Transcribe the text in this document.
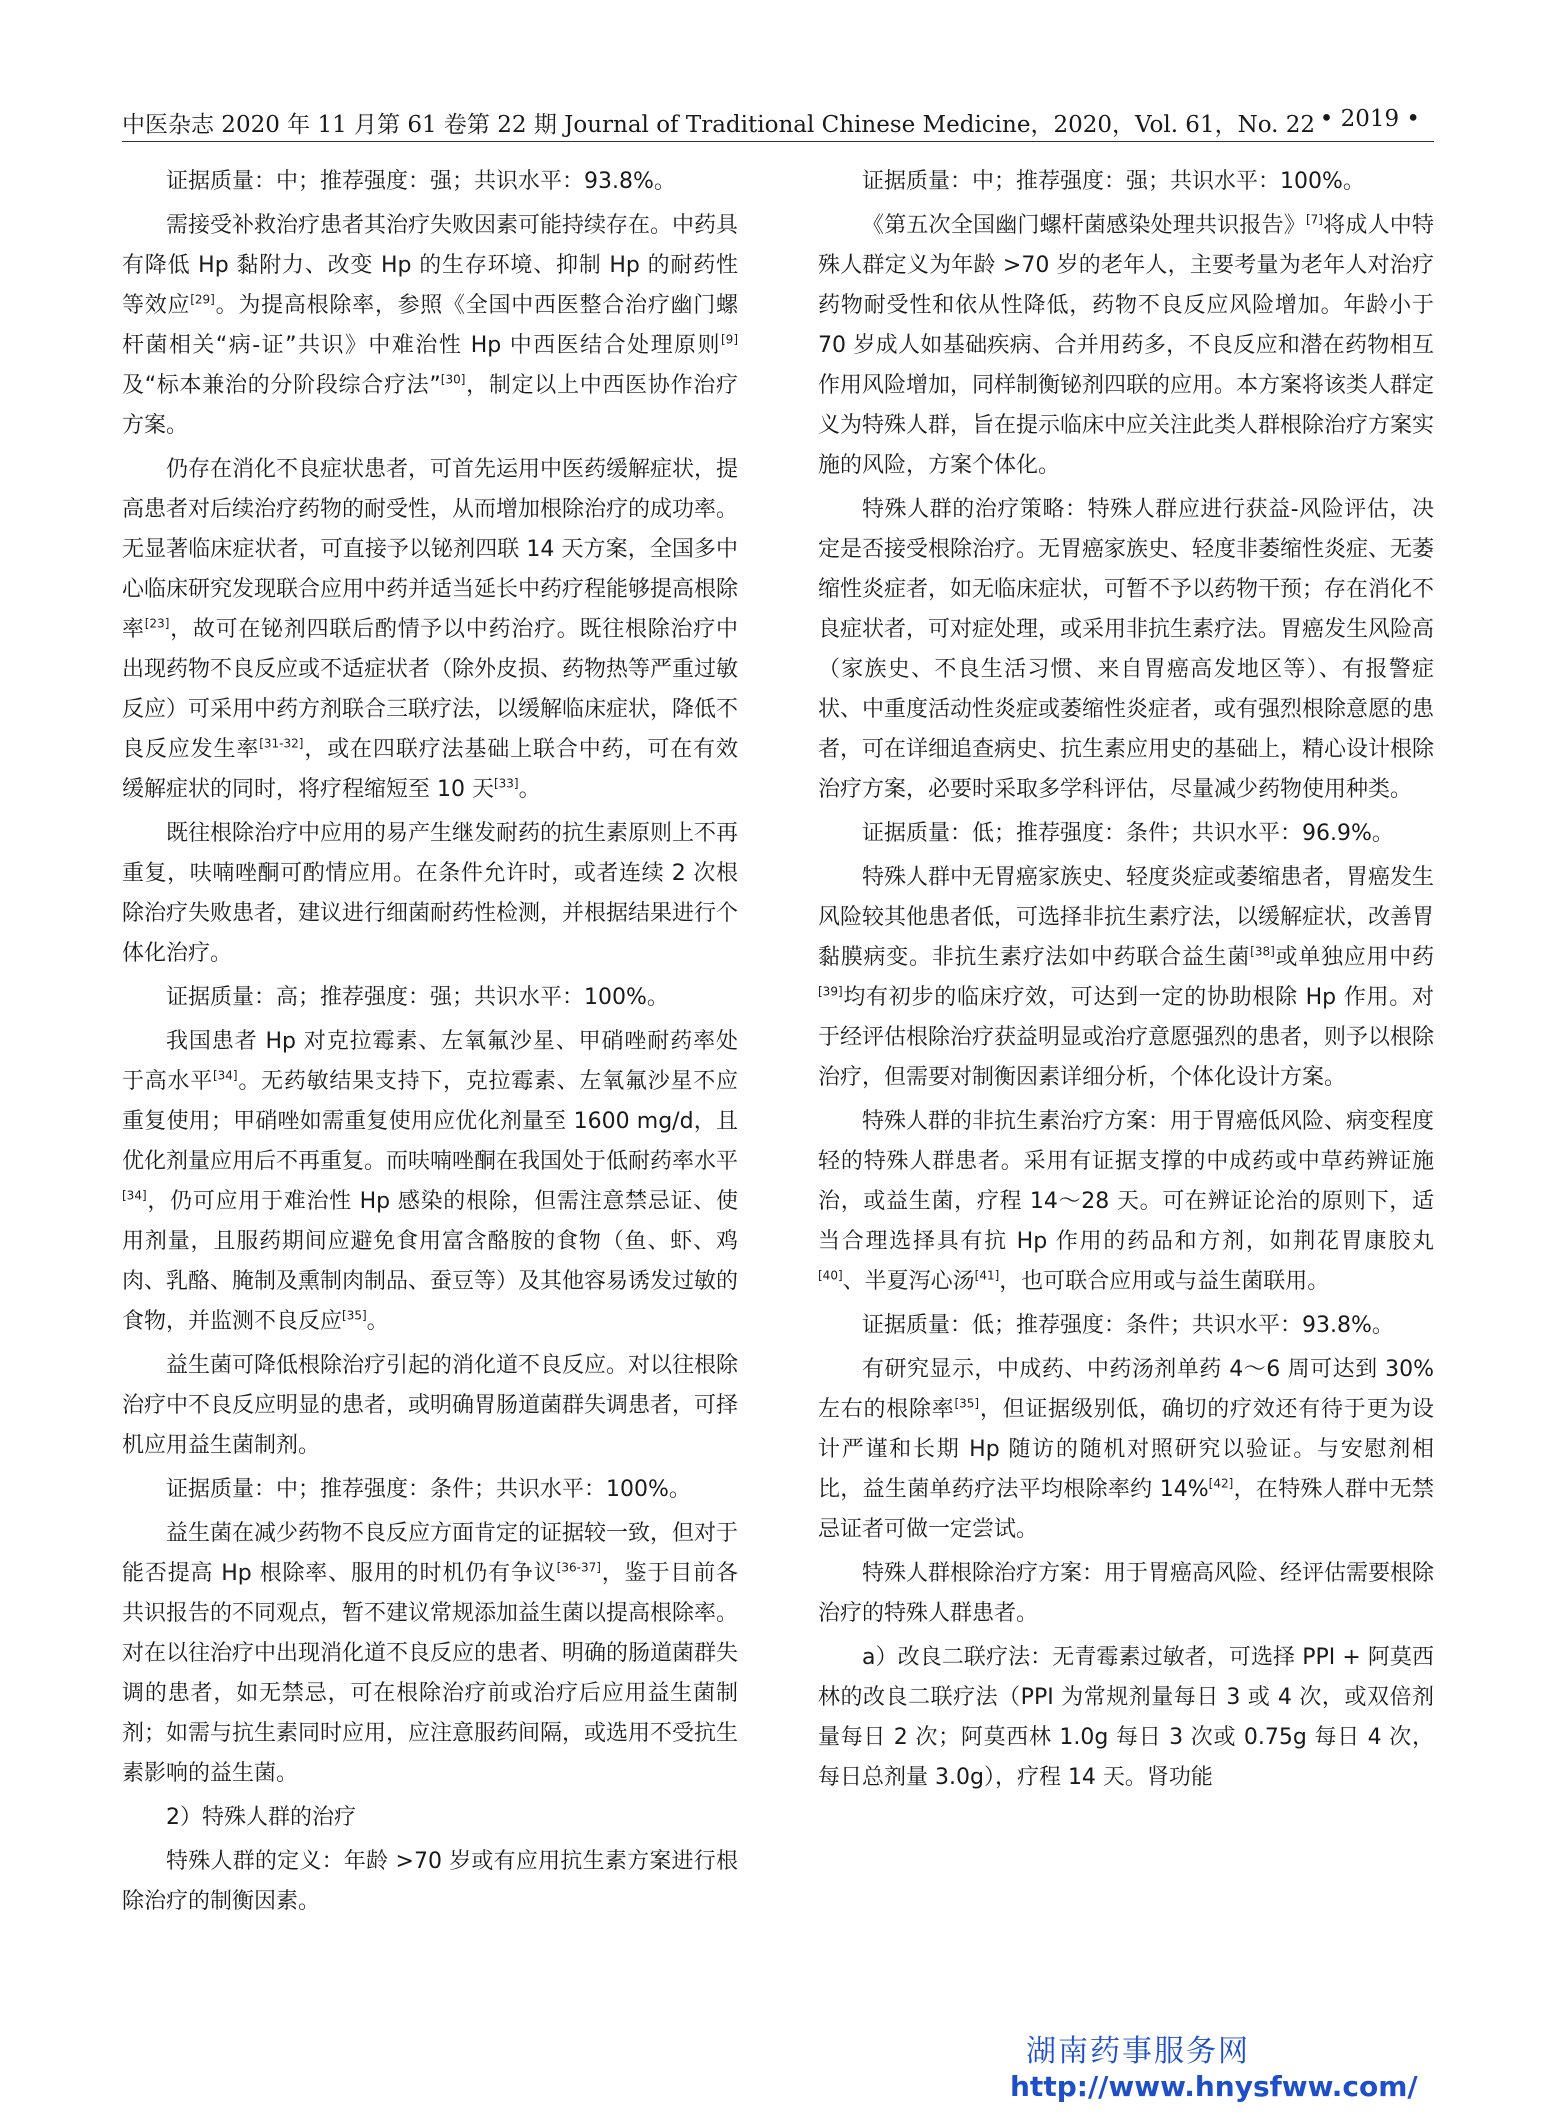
中医杂志 2020 年 11 月第 61 卷第 22 期 Journal of Traditional Chinese Medicine，2020，Vol. 61，No. 22 • 2019 •

证据质量：中；推荐强度：强；共识水平：93.8%。

需接受补救治疗患者其治疗失败因素可能持续存在。中药具有降低 Hp 黏附力、改变 Hp 的生存环境、抑制 Hp 的耐药性等效应[29]。为提高根除率，参照《全国中西医整合治疗幽门螺杆菌相关“病-证”共识》中难治性 Hp 中西医结合处理原则[9]及“标本兼治的分阶段综合疗法”[30]，制定以上中西医协作治疗方案。

仍存在消化不良症状患者，可首先运用中医药缓解症状，提高患者对后续治疗药物的耐受性，从而增加根除治疗的成功率。无显著临床症状者，可直接予以铋剂四联 14 天方案，全国多中心临床研究发现联合应用中药并适当延长中药疗程能够提高根除率[23]，故可在铋剂四联后酌情予以中药治疗。既往根除治疗中出现药物不良反应或不适症状者（除外皮损、药物热等严重过敏反应）可采用中药方剂联合三联疗法，以缓解临床症状，降低不良反应发生率[31-32]，或在四联疗法基础上联合中药，可在有效缓解症状的同时，将疗程缩短至 10 天[33]。

既往根除治疗中应用的易产生继发耐药的抗生素原则上不再重复，呋喃唑酮可酌情应用。在条件允许时，或者连续 2 次根除治疗失败患者，建议进行细菌耐药性检测，并根据结果进行个体化治疗。

证据质量：高；推荐强度：强；共识水平：100%。

我国患者 Hp 对克拉霉素、左氧氟沙星、甲硝唑耐药率处于高水平[34]。无药敏结果支持下，克拉霉素、左氧氟沙星不应重复使用；甲硝唑如需重复使用应优化剂量至 1600 mg/d，且优化剂量应用后不再重复。而呋喃唑酮在我国处于低耐药率水平[34]，仍可应用于难治性 Hp 感染的根除，但需注意禁忌证、使用剂量，且服药期间应避免食用富含酪胺的食物（鱼、虾、鸡肉、乳酪、腌制及熏制肉制品、蚕豆等）及其他容易诱发过敏的食物，并监测不良反应[35]。

益生菌可降低根除治疗引起的消化道不良反应。对以往根除治疗中不良反应明显的患者，或明确胃肠道菌群失调患者，可择机应用益生菌制剂。

证据质量：中；推荐强度：条件；共识水平：100%。

益生菌在减少药物不良反应方面肯定的证据较一致，但对于能否提高 Hp 根除率、服用的时机仍有争议[36-37]，鉴于目前各共识报告的不同观点，暂不建议常规添加益生菌以提高根除率。对在以往治疗中出现消化道不良反应的患者、明确的肠道菌群失调的患者，如无禁忌，可在根除治疗前或治疗后应用益生菌制剂；如需与抗生素同时应用，应注意服药间隔，或选用不受抗生素影响的益生菌。

2）特殊人群的治疗

特殊人群的定义：年龄 >70 岁或有应用抗生素方案进行根除治疗的制衡因素。

证据质量：中；推荐强度：强；共识水平：100%。

《第五次全国幽门螺杆菌感染处理共识报告》[7]将成人中特殊人群定义为年龄 >70 岁的老年人，主要考量为老年人对治疗药物耐受性和依从性降低，药物不良反应风险增加。年龄小于 70 岁成人如基础疾病、合并用药多，不良反应和潜在药物相互作用风险增加，同样制衡铋剂四联的应用。本方案将该类人群定义为特殊人群，旨在提示临床中应关注此类人群根除治疗方案实施的风险，方案个体化。

特殊人群的治疗策略：特殊人群应进行获益-风险评估，决定是否接受根除治疗。无胃癌家族史、轻度非萎缩性炎症、无萎缩性炎症者，如无临床症状，可暂不予以药物干预；存在消化不良症状者，可对症处理，或采用非抗生素疗法。胃癌发生风险高（家族史、不良生活习惯、来自胃癌高发地区等）、有报警症状、中重度活动性炎症或萎缩性炎症者，或有强烈根除意愿的患者，可在详细追查病史、抗生素应用史的基础上，精心设计根除治疗方案，必要时采取多学科评估，尽量减少药物使用种类。

证据质量：低；推荐强度：条件；共识水平：96.9%。

特殊人群中无胃癌家族史、轻度炎症或萎缩患者，胃癌发生风险较其他患者低，可选择非抗生素疗法，以缓解症状，改善胃黏膜病变。非抗生素疗法如中药联合益生菌[38]或单独应用中药[39]均有初步的临床疗效，可达到一定的协助根除 Hp 作用。对于经评估根除治疗获益明显或治疗意愿强烈的患者，则予以根除治疗，但需要对制衡因素详细分析，个体化设计方案。

特殊人群的非抗生素治疗方案：用于胃癌低风险、病变程度轻的特殊人群患者。采用有证据支撑的中成药或中草药辨证施治，或益生菌，疗程 14～28 天。可在辨证论治的原则下，适当合理选择具有抗 Hp 作用的药品和方剂，如荆花胃康胶丸[40]、半夏泻心汤[41]，也可联合应用或与益生菌联用。

证据质量：低；推荐强度：条件；共识水平：93.8%。

有研究显示，中成药、中药汤剂单药 4～6 周可达到 30% 左右的根除率[35]，但证据级别低，确切的疗效还有待于更为设计严谨和长期 Hp 随访的随机对照研究以验证。与安慰剂相比，益生菌单药疗法平均根除率约 14%[42]，在特殊人群中无禁忌证者可做一定尝试。

特殊人群根除治疗方案：用于胃癌高风险、经评估需要根除治疗的特殊人群患者。

a）改良二联疗法：无青霉素过敏者，可选择 PPI + 阿莫西林的改良二联疗法（PPI 为常规剂量每日 3 或 4 次，或双倍剂量每日 2 次；阿莫西林 1.0g 每日 3 次或 0.75g 每日 4 次，每日总剂量 3.0g），疗程 14 天。肾功能

湖南药事服务网
http://www.hnysfww.com/
